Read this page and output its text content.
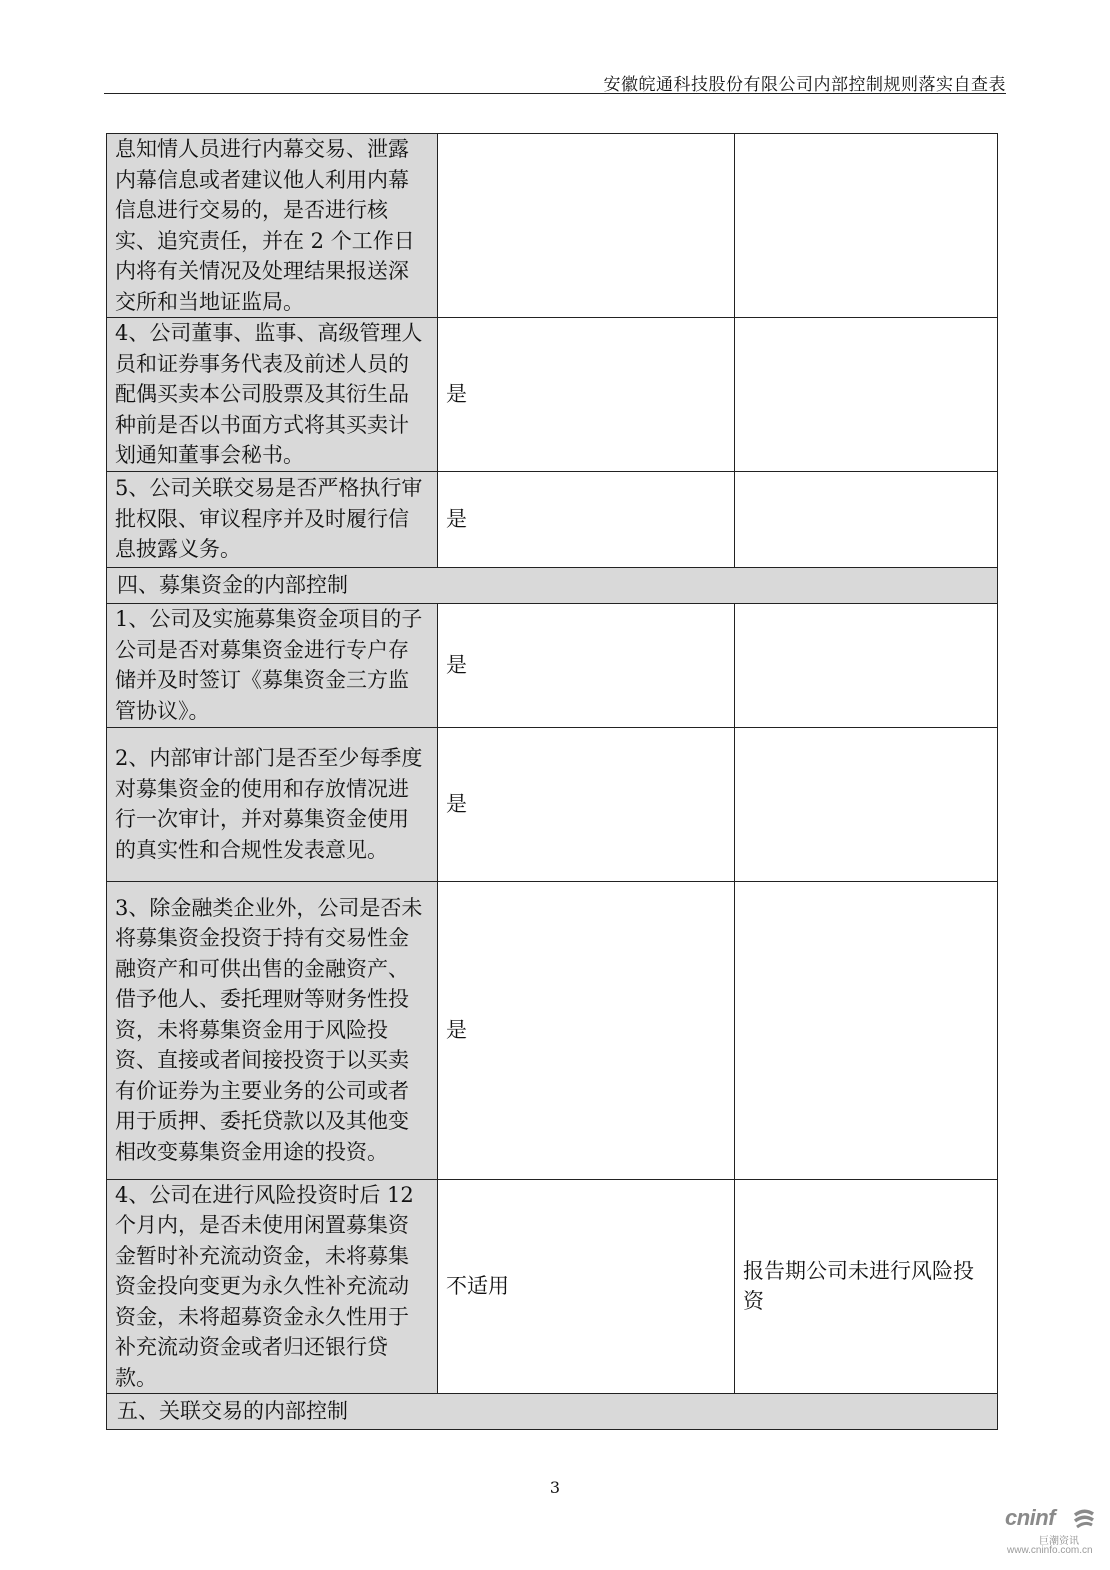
安徽皖通科技股份有限公司内部控制规则落实自查表
息知情人员进行内幕交易、泄露内幕信息或者建议他人利用内幕信息进行交易的，是否进行核实、追究责任，并在 2 个工作日内将有关情况及处理结果报送深交所和当地证监局。		
4、公司董事、监事、高级管理人员和证券事务代表及前述人员的配偶买卖本公司股票及其衍生品种前是否以书面方式将其买卖计划通知董事会秘书。	是	
5、公司关联交易是否严格执行审批权限、审议程序并及时履行信息披露义务。	是	
四、募集资金的内部控制		
1、公司及实施募集资金项目的子公司是否对募集资金进行专户存储并及时签订《募集资金三方监管协议》。	是	
2、内部审计部门是否至少每季度对募集资金的使用和存放情况进行一次审计，并对募集资金使用的真实性和合规性发表意见。	是	
3、除金融类企业外，公司是否未将募集资金投资于持有交易性金融资产和可供出售的金融资产、借予他人、委托理财等财务性投资，未将募集资金用于风险投资、直接或者间接投资于以买卖有价证券为主要业务的公司或者用于质押、委托贷款以及其他变相改变募集资金用途的投资。	是	
4、公司在进行风险投资时后 12 个月内，是否未使用闲置募集资金暂时补充流动资金，未将募集资金投向变更为永久性补充流动资金，未将超募资金永久性用于补充流动资金或者归还银行贷款。	不适用	报告期公司未进行风险投资
五、关联交易的内部控制		
3
cninf
巨潮资讯
www.cninfo.com.cn
